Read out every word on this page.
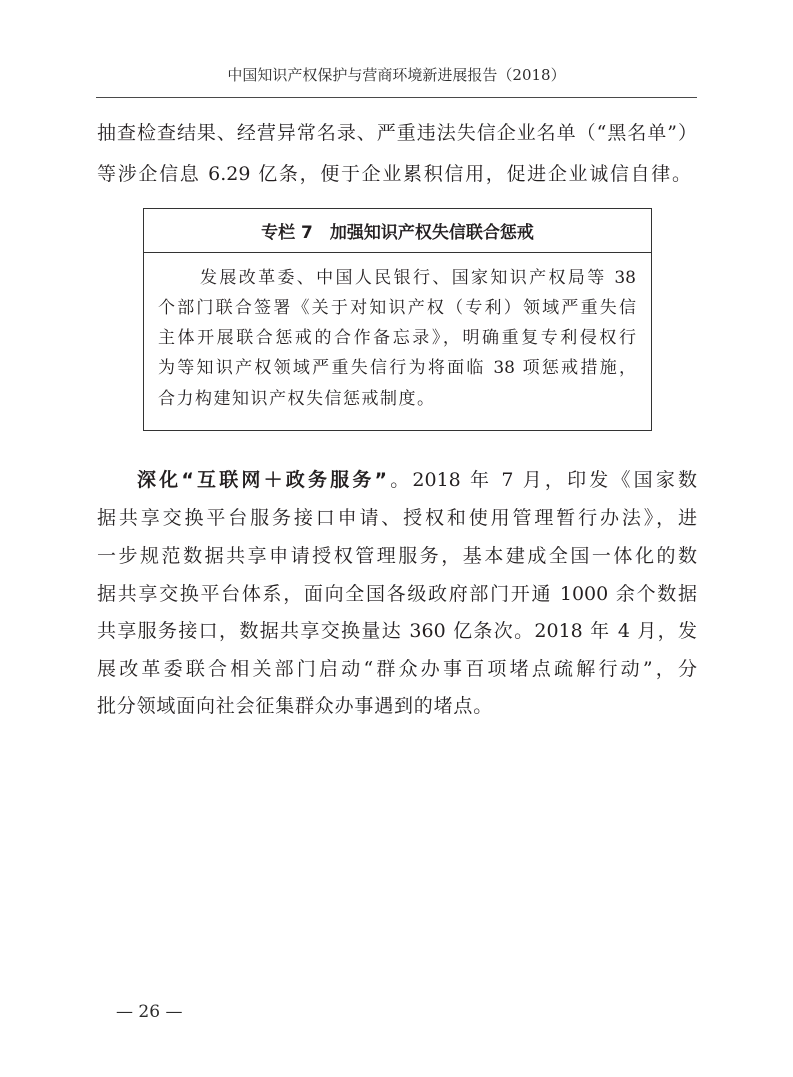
中国知识产权保护与营商环境新进展报告（2018）
抽查检查结果、经营异常名录、严重违法失信企业名单（“黑名单”）
等涉企信息 6.29 亿条，便于企业累积信用，促进企业诚信自律。
专栏 7　加强知识产权失信联合惩戒
发展改革委、中国人民银行、国家知识产权局等 38
个部门联合签署《关于对知识产权（专利）领域严重失信
主体开展联合惩戒的合作备忘录》，明确重复专利侵权行
为等知识产权领域严重失信行为将面临 38 项惩戒措施，
合力构建知识产权失信惩戒制度。
深化“互联网＋政务服务”。2018 年 7 月，印发《国家数
据共享交换平台服务接口申请、授权和使用管理暂行办法》，进
一步规范数据共享申请授权管理服务，基本建成全国一体化的数
据共享交换平台体系，面向全国各级政府部门开通 1000 余个数据
共享服务接口，数据共享交换量达 360 亿条次。2018 年 4 月，发
展改革委联合相关部门启动“群众办事百项堵点疏解行动”，分
批分领域面向社会征集群众办事遇到的堵点。
— 26 —
